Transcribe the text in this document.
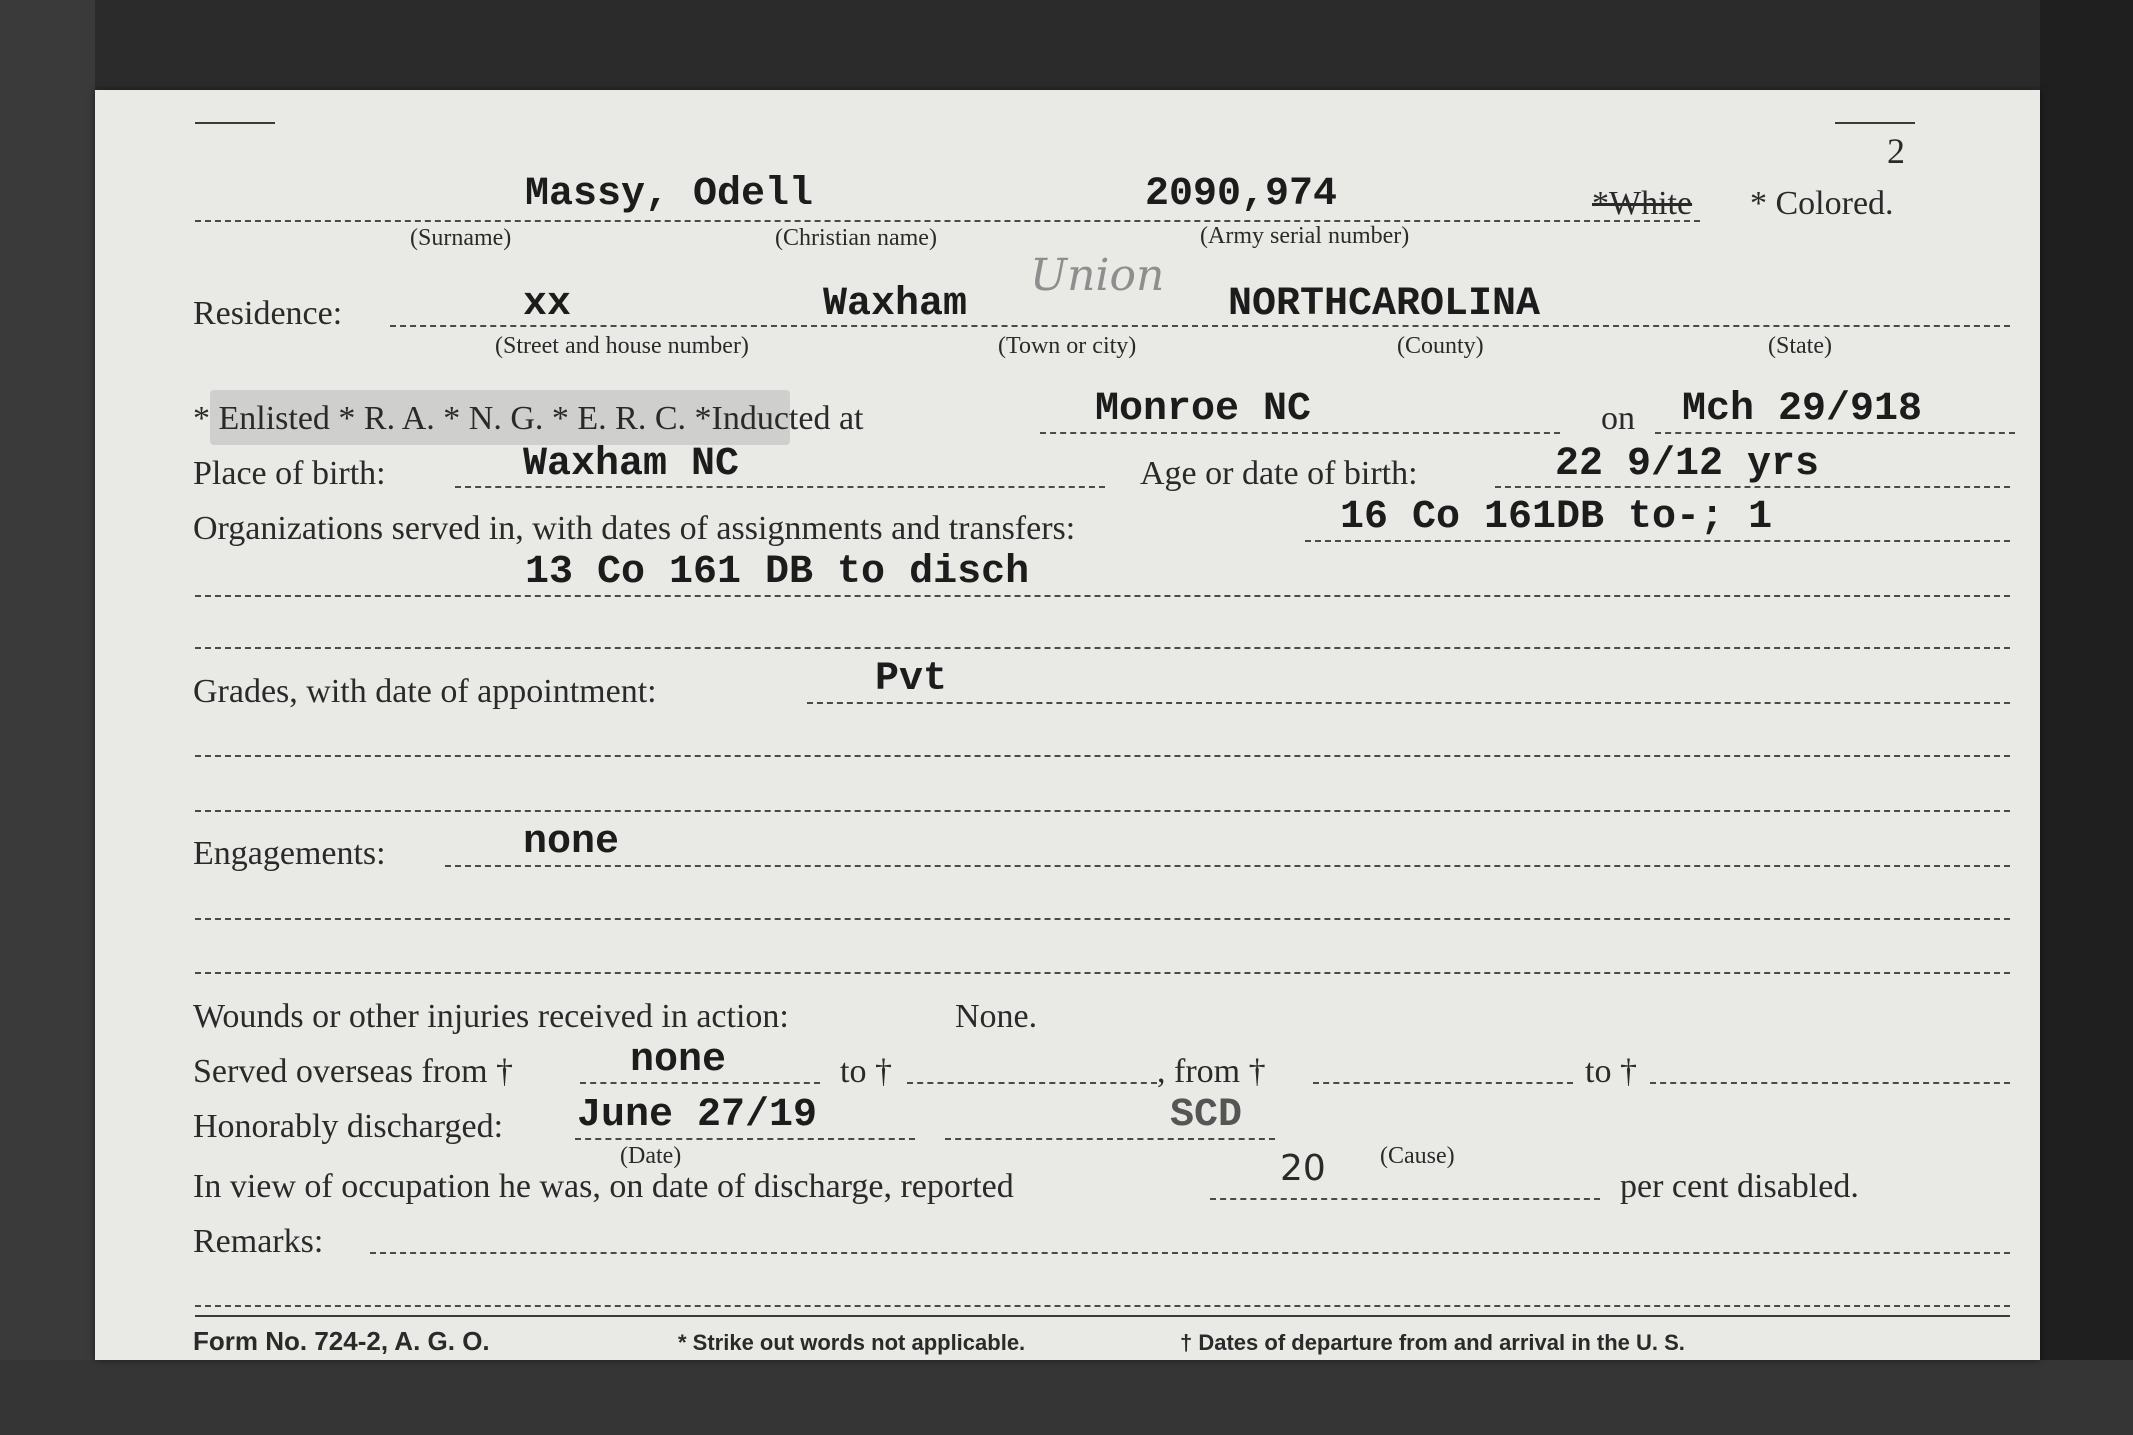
2
Massy, Odell	2090,974	*White * Colored.
(Surname)	(Christian name)	(Army serial number)
Residence:	xx	Waxham
Union
NORTHCAROLINA
(Street and house number)	(Town or city)	(County)	(State)
* Enlisted * R. A. * N. G. * E. R. C. *Inducted at	Monroe NC	on Mch 29/918
Place of birth:	Waxham NC	Age or date of birth:	22 9/12 yrs
Organizations served in, with dates of assignments and transfers:	16 Co 161DB to-; 1
13 Co 161 DB to disch
Grades, with date of appointment:	Pvt
Engagements:	none
Wounds or other injuries received in action:	None.
Served overseas from †	none	to †	, from †	to †
Honorably discharged: June 27/19	SCD
(Date)	(Cause)
In view of occupation he was, on date of discharge, reported	20	per cent disabled.
Remarks:
Form No. 724-2, A. G. O.	* Strike out words not applicable.	† Dates of departure from and arrival in the U. S.
